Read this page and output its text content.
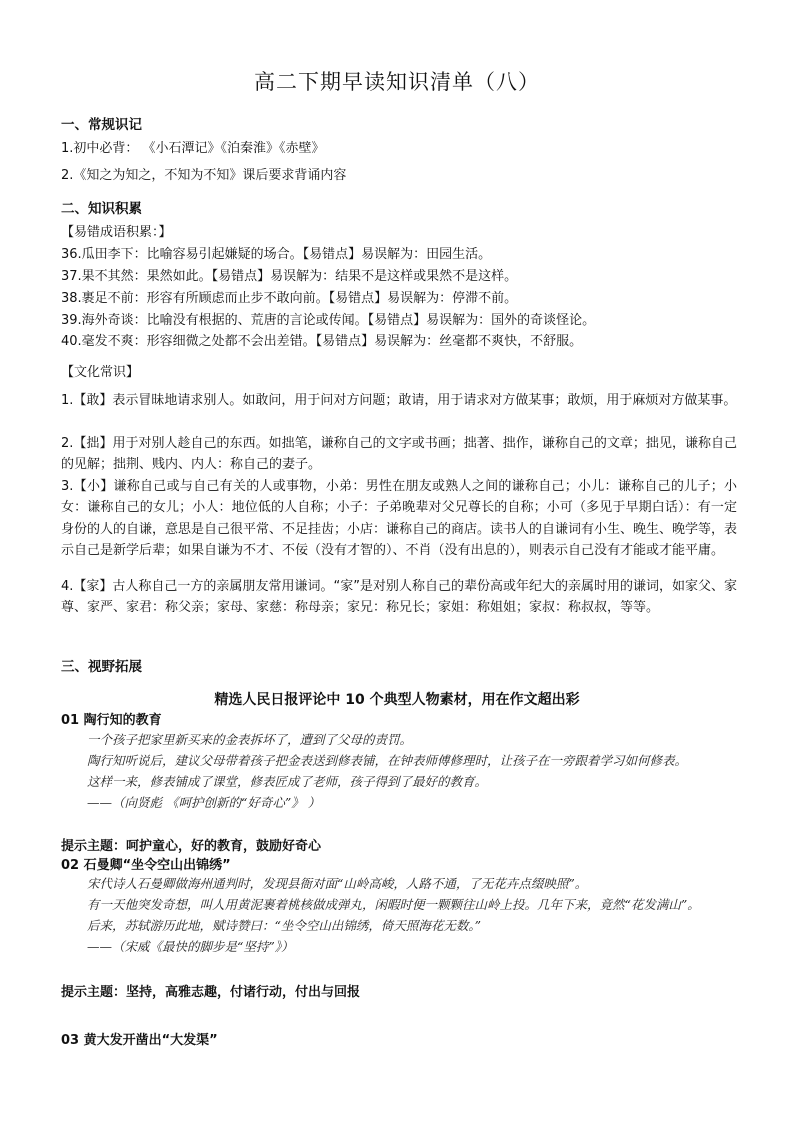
高二下期早读知识清单（八）
一、常规识记
1.初中必背： 《小石潭记》《泊秦淮》《赤壁》
2.《知之为知之，不知为不知》课后要求背诵内容
二、知识积累
【易错成语积累：】
36.瓜田李下：比喻容易引起嫌疑的场合。【易错点】易误解为：田园生活。
37.果不其然：果然如此。【易错点】易误解为：结果不是这样或果然不是这样。
38.裹足不前：形容有所顾虑而止步不敢向前。【易错点】易误解为：停滞不前。
39.海外奇谈：比喻没有根据的、荒唐的言论或传闻。【易错点】易误解为：国外的奇谈怪论。
40.毫发不爽：形容细微之处都不会出差错。【易错点】易误解为：丝毫都不爽快，不舒服。
【文化常识】
1.【敢】表示冒昧地请求别人。如敢问，用于问对方问题；敢请，用于请求对方做某事；敢烦，用于麻烦对方做某事。
2.【拙】用于对别人趁自己的东西。如拙笔，谦称自己的文字或书画；拙著、拙作，谦称自己的文章；拙见，谦称自己的见解；拙荆、贱内、内人：称自己的妻子。
3.【小】谦称自己或与自己有关的人或事物，小弟：男性在朋友或熟人之间的谦称自己；小儿：谦称自己的儿子；小女：谦称自己的女儿；小人：地位低的人自称；小子：子弟晚辈对父兄尊长的自称；小可（多见于早期白话）：有一定身份的人的自谦，意思是自己很平常、不足挂齿；小店：谦称自己的商店。读书人的自谦词有小生、晚生、晚学等，表示自己是新学后辈；如果自谦为不才、不佞（没有才智的）、不肖（没有出息的），则表示自己没有才能或才能平庸。
4.【家】古人称自己一方的亲属朋友常用谦词。“家”是对别人称自己的辈份高或年纪大的亲属时用的谦词，如家父、家尊、家严、家君：称父亲；家母、家慈：称母亲；家兄：称兄长；家姐：称姐姐；家叔：称叔叔，等等。
三、视野拓展
精选人民日报评论中 10 个典型人物素材，用在作文超出彩
01 陶行知的教育
一个孩子把家里新买来的金表拆坏了，遭到了父母的责罚。
陶行知听说后，建议父母带着孩子把金表送到修表铺，在钟表师傅修理时，让孩子在一旁跟着学习如何修表。
这样一来，修表铺成了课堂，修表匠成了老师，孩子得到了最好的教育。
——（向贤彪 《呵护创新的“好奇心”》 ）
提示主题：呵护童心，好的教育，鼓励好奇心
02 石曼卿“坐令空山出锦绣”
宋代诗人石曼卿做海州通判时，发现县衙对面“山岭高峻，人路不通，了无花卉点缀映照”。
有一天他突发奇想，叫人用黄泥裹着桃核做成弹丸，闲暇时便一颗颗往山岭上投。几年下来，竟然“花发满山”。
后来，苏轼游历此地，赋诗赞曰：“坐令空山出锦绣，倚天照海花无数。”
——（宋威《最快的脚步是“坚持”》）
提示主题：坚持，高雅志趣，付诸行动，付出与回报
03 黄大发开凿出“大发渠”
